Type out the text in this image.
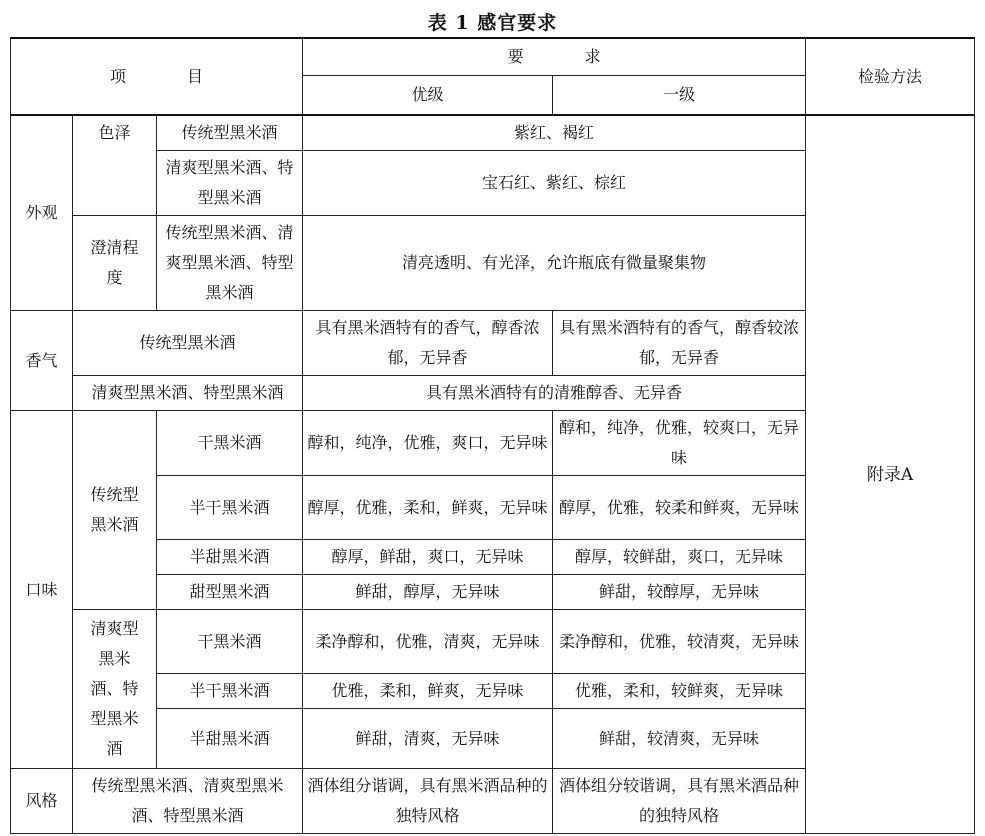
表 1 感官要求
项 目			要 求		检验方法
			优级	一级	
外观	色泽	传统型黑米酒	紫红、褐红		附录A
		清爽型黑米酒、特型黑米酒	宝石红、紫红、棕红		
	澄清程度	传统型黑米酒、清爽型黑米酒、特型黑米酒	清亮透明、有光泽，允许瓶底有微量聚集物		
香气	传统型黑米酒		具有黑米酒特有的香气，醇香浓郁，无异香	具有黑米酒特有的香气，醇香较浓郁，无异香	
	清爽型黑米酒、特型黑米酒		具有黑米酒特有的清雅醇香、无异香		
口味	传统型黑米酒	干黑米酒	醇和，纯净，优雅，爽口，无异味	醇和，纯净，优雅，较爽口，无异味	
		半干黑米酒	醇厚，优雅，柔和，鲜爽，无异味	醇厚，优雅，较柔和鲜爽，无异味	
		半甜黑米酒	醇厚，鲜甜，爽口，无异味	醇厚，较鲜甜，爽口，无异味	
		甜型黑米酒	鲜甜，醇厚，无异味	鲜甜，较醇厚，无异味	
	清爽型黑米酒、特型黑米酒	干黑米酒	柔净醇和，优雅，清爽，无异味	柔净醇和，优雅，较清爽，无异味	
		半干黑米酒	优雅，柔和，鲜爽，无异味	优雅，柔和，较鲜爽，无异味	
		半甜黑米酒	鲜甜，清爽，无异味	鲜甜，较清爽，无异味	
风格	传统型黑米酒、清爽型黑米酒、特型黑米酒		酒体组分谐调，具有黑米酒品种的独特风格	酒体组分较谐调，具有黑米酒品种的独特风格	
